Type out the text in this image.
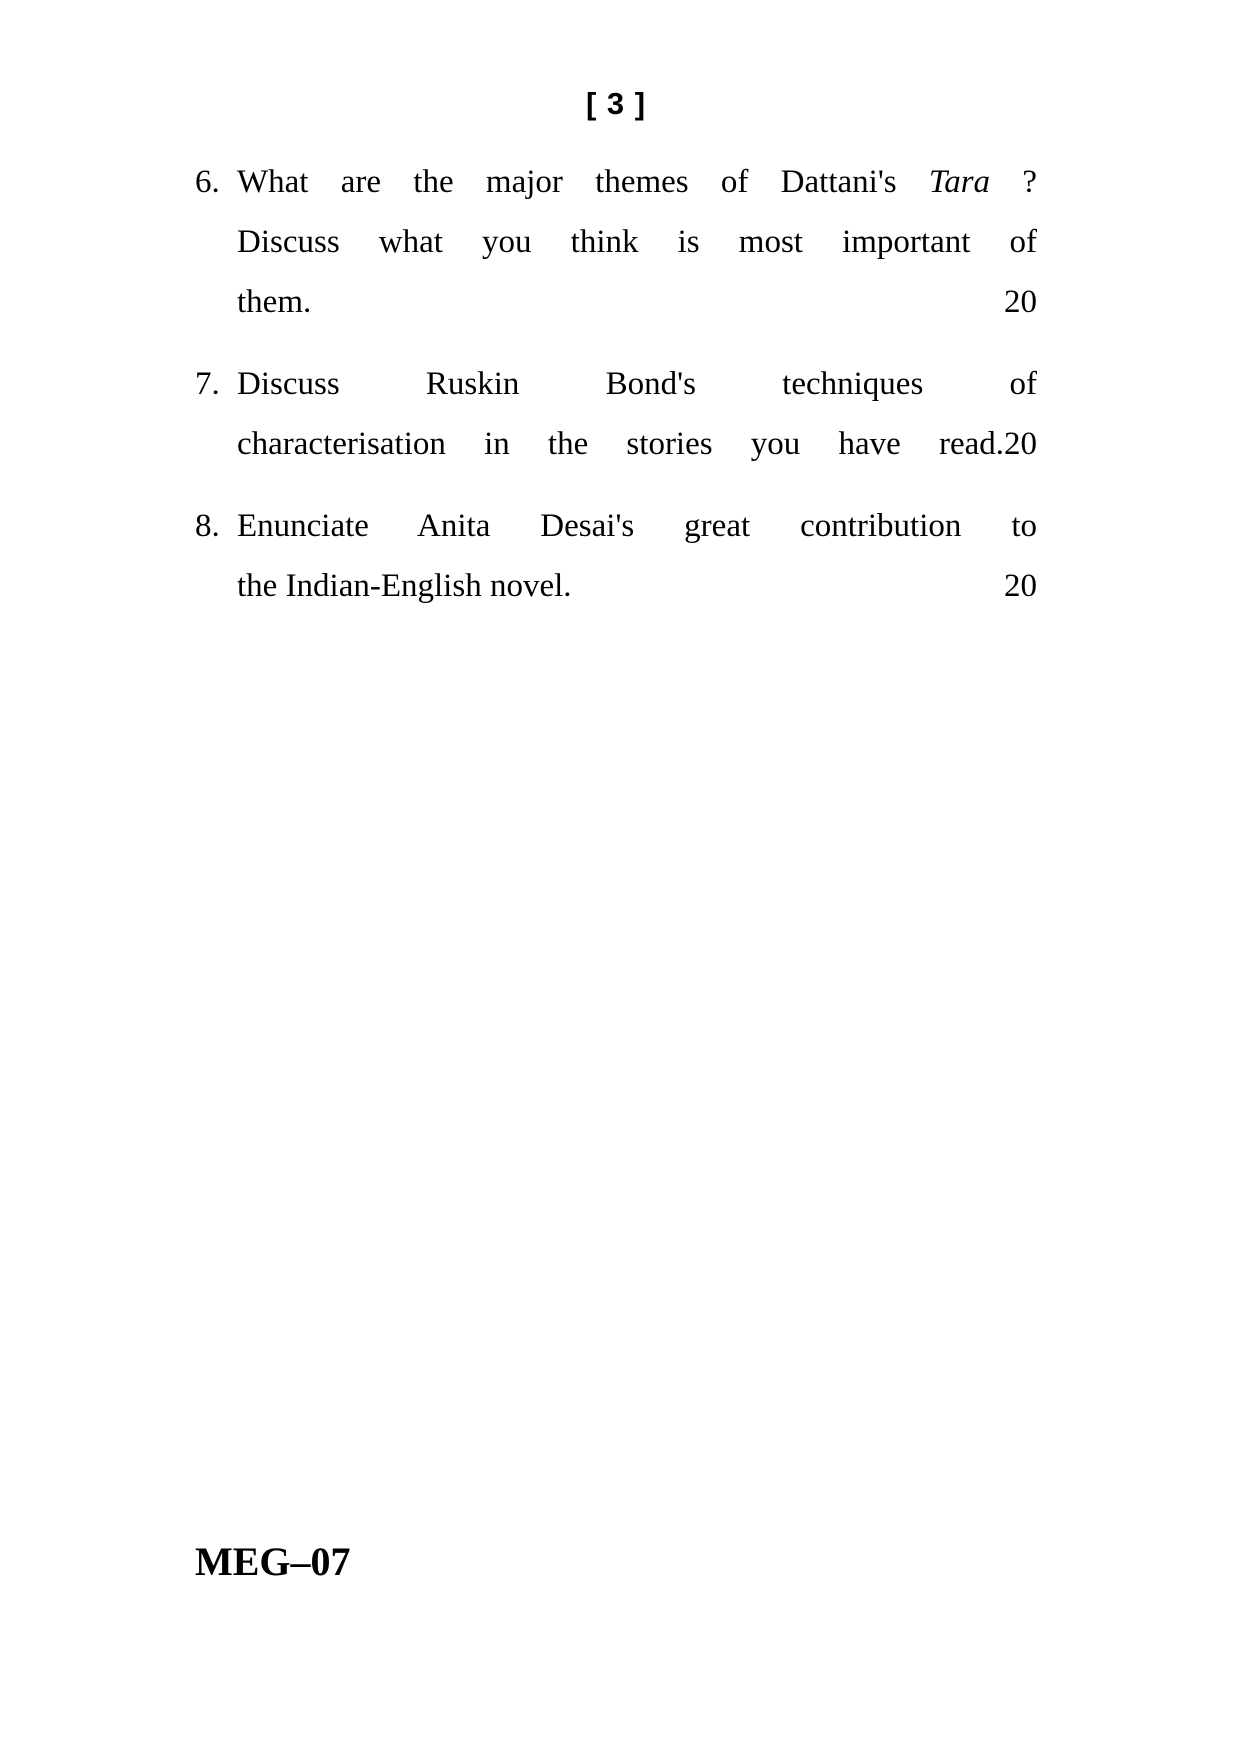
[ 3 ]
6. What are the major themes of Dattani's Tara ?
Discuss what you think is most important of
them.	20
7. Discuss Ruskin Bond's techniques of
characterisation in the stories you have read.20
8. Enunciate Anita Desai's great contribution to
the Indian-English novel.	20
MEG–07
